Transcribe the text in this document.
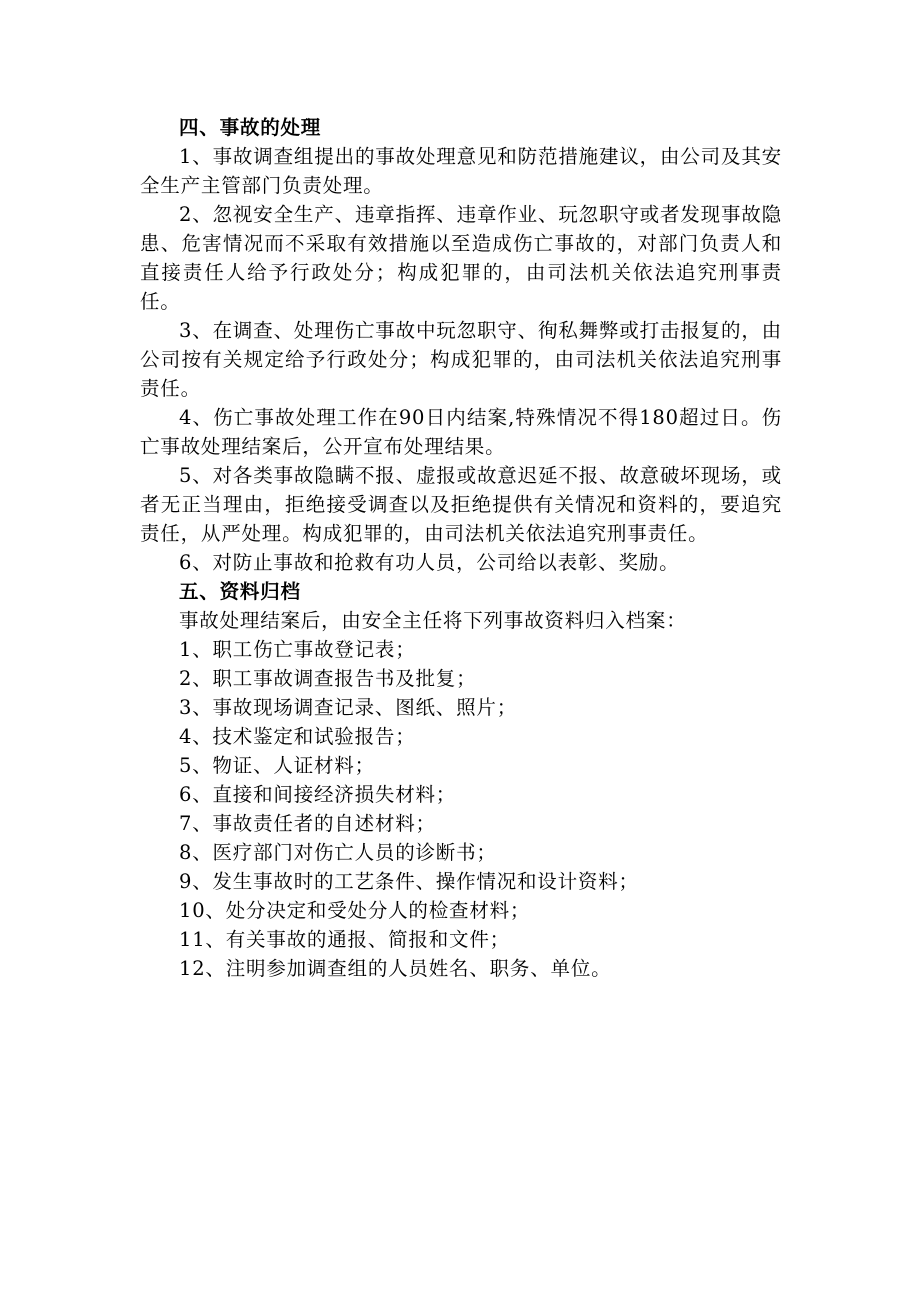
四、事故的处理

1、事故调查组提出的事故处理意见和防范措施建议，由公司及其安全生产主管部门负责处理。

2、忽视安全生产、违章指挥、违章作业、玩忽职守或者发现事故隐患、危害情况而不采取有效措施以至造成伤亡事故的，对部门负责人和直接责任人给予行政处分；构成犯罪的，由司法机关依法追究刑事责任。

3、在调查、处理伤亡事故中玩忽职守、徇私舞弊或打击报复的，由公司按有关规定给予行政处分；构成犯罪的，由司法机关依法追究刑事责任。

4、伤亡事故处理工作在90日内结案,特殊情况不得180超过日。伤亡事故处理结案后，公开宣布处理结果。

5、对各类事故隐瞒不报、虚报或故意迟延不报、故意破坏现场，或者无正当理由，拒绝接受调查以及拒绝提供有关情况和资料的，要追究责任，从严处理。构成犯罪的，由司法机关依法追究刑事责任。

6、对防止事故和抢救有功人员，公司给以表彰、奖励。

五、资料归档

事故处理结案后，由安全主任将下列事故资料归入档案：

1、职工伤亡事故登记表；
2、职工事故调查报告书及批复；
3、事故现场调查记录、图纸、照片；
4、技术鉴定和试验报告；
5、物证、人证材料；
6、直接和间接经济损失材料；
7、事故责任者的自述材料；
8、医疗部门对伤亡人员的诊断书；
9、发生事故时的工艺条件、操作情况和设计资料；
10、处分决定和受处分人的检查材料；
11、有关事故的通报、简报和文件；
12、注明参加调查组的人员姓名、职务、单位。
